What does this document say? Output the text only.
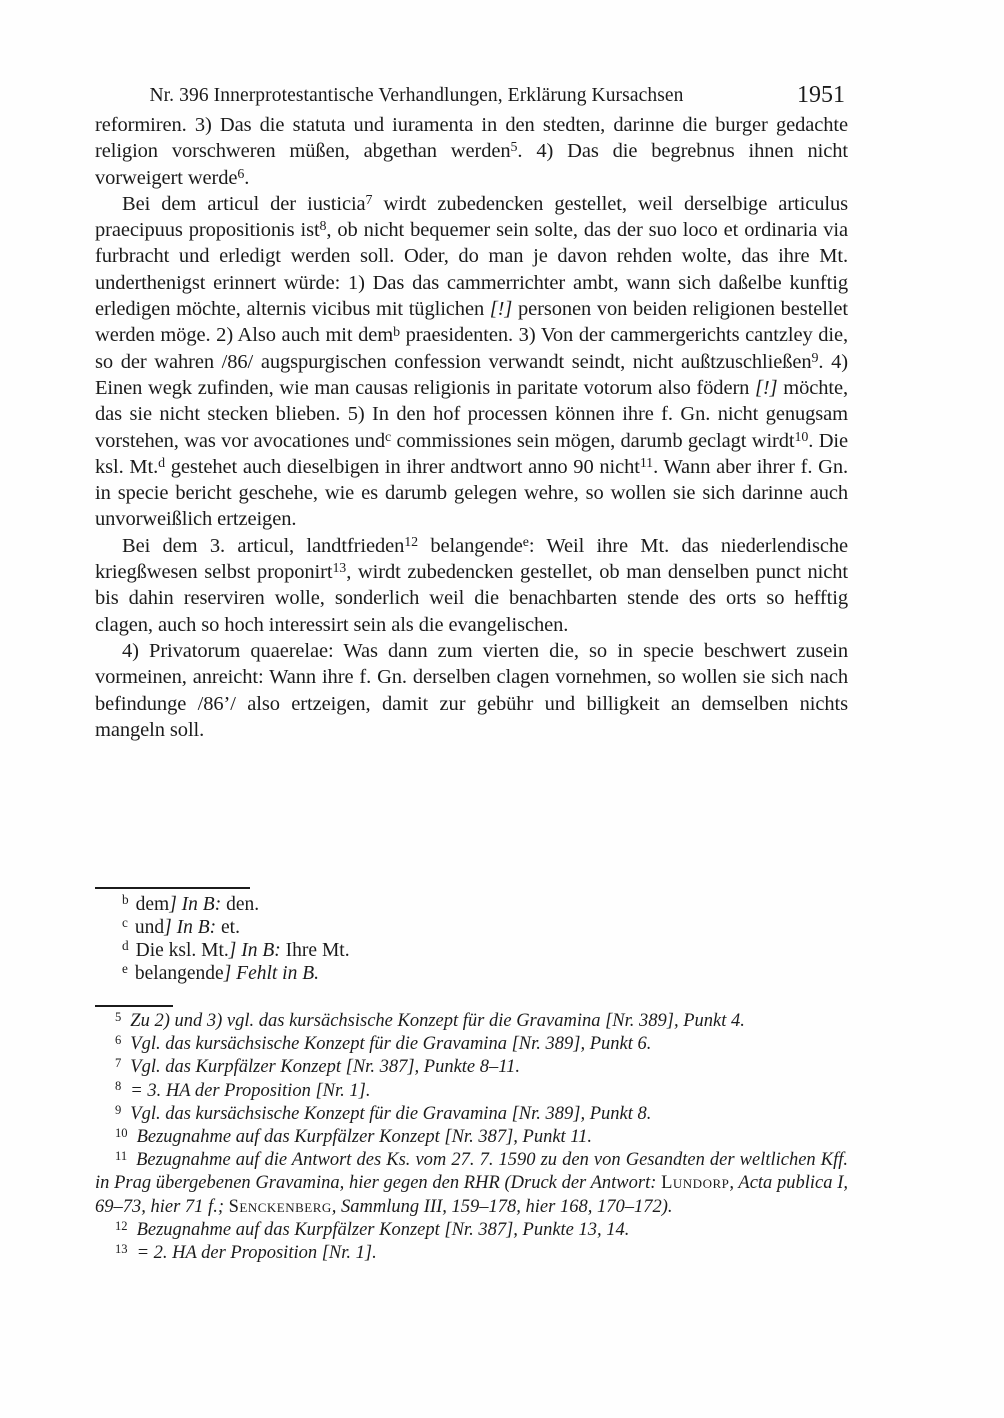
Nr. 396 Innerprotestantische Verhandlungen, Erklärung Kursachsen	1951

reformiren. 3) Das die statuta und iuramenta in den stedten, darinne die burger gedachte religion vorschweren müßen, abgethan werden$^5$. 4) Das die begrebnus ihnen nicht vorweigert werde$^6$.

Bei dem articul der iusticia$^7$ wirdt zubedencken gestellet, weil derselbige articulus praecipuus propositionis ist$^8$, ob nicht bequemer sein solte, das der suo loco et ordinaria via furbracht und erledigt werden soll. Oder, do man je davon rehden wolte, das ihre Mt. underthenigst erinnert würde: 1) Das das cammerrichter ambt, wann sich daßelbe kunftig erledigen möchte, alternis vicibus mit tüglichen [!] personen von beiden religionen bestellet werden möge. 2) Also auch mit dem$^b$ praesidenten. 3) Von der cammergerichts cantzley die, so der wahren /86/ augspurgischen confession verwandt seindt, nicht außtzuschließen$^9$. 4) Einen wegk zufinden, wie man causas religionis in paritate votorum also födern [!] möchte, das sie nicht stecken blieben. 5) In den hof processen können ihre f. Gn. nicht genugsam vorstehen, was vor avocationes und$^c$ commissiones sein mögen, darumb geclagt wirdt$^{10}$. Die ksl. Mt.$^d$ gestehet auch dieselbigen in ihrer andtwort anno 90 nicht$^{11}$. Wann aber ihrer f. Gn. in specie bericht geschehe, wie es darumb gelegen wehre, so wollen sie sich darinne auch unvorweißlich ertzeigen.

Bei dem 3. articul, landtfrieden$^{12}$ belangende$^e$: Weil ihre Mt. das niederlendische kriegßwesen selbst proponirt$^{13}$, wirdt zubedencken gestellet, ob man denselben punct nicht bis dahin reserviren wolle, sonderlich weil die benachbarten stende des orts so hefftig clagen, auch so hoch interessirt sein als die evangelischen.

4) Privatorum quaerelae: Was dann zum vierten die, so in specie beschwert zusein vormeinen, anreicht: Wann ihre f. Gn. derselben clagen vornehmen, so wollen sie sich nach befindunge /86’/ also ertzeigen, damit zur gebühr und billigkeit an demselben nichts mangeln soll.

$^b$ dem] In B: den.

$^c$ und] In B: et.

$^d$ Die ksl. Mt.] In B: Ihre Mt.

$^e$ belangende] Fehlt in B.

$^5$ Zu 2) und 3) vgl. das kursächsische Konzept für die Gravamina [Nr. 389], Punkt 4.

$^6$ Vgl. das kursächsische Konzept für die Gravamina [Nr. 389], Punkt 6.

$^7$ Vgl. das Kurpfälzer Konzept [Nr. 387], Punkte 8–11.

$^8$ = 3. HA der Proposition [Nr. 1].

$^9$ Vgl. das kursächsische Konzept für die Gravamina [Nr. 389], Punkt 8.

$^{10}$ Bezugnahme auf das Kurpfälzer Konzept [Nr. 387], Punkt 11.

$^{11}$ Bezugnahme auf die Antwort des Ks. vom 27. 7. 1590 zu den von Gesandten der weltlichen Kff. in Prag übergebenen Gravamina, hier gegen den RHR (Druck der Antwort: Lundorp, Acta publica I, 69–73, hier 71 f.; Senckenberg, Sammlung III, 159–178, hier 168, 170–172).

$^{12}$ Bezugnahme auf das Kurpfälzer Konzept [Nr. 387], Punkte 13, 14.

$^{13}$ = 2. HA der Proposition [Nr. 1].
